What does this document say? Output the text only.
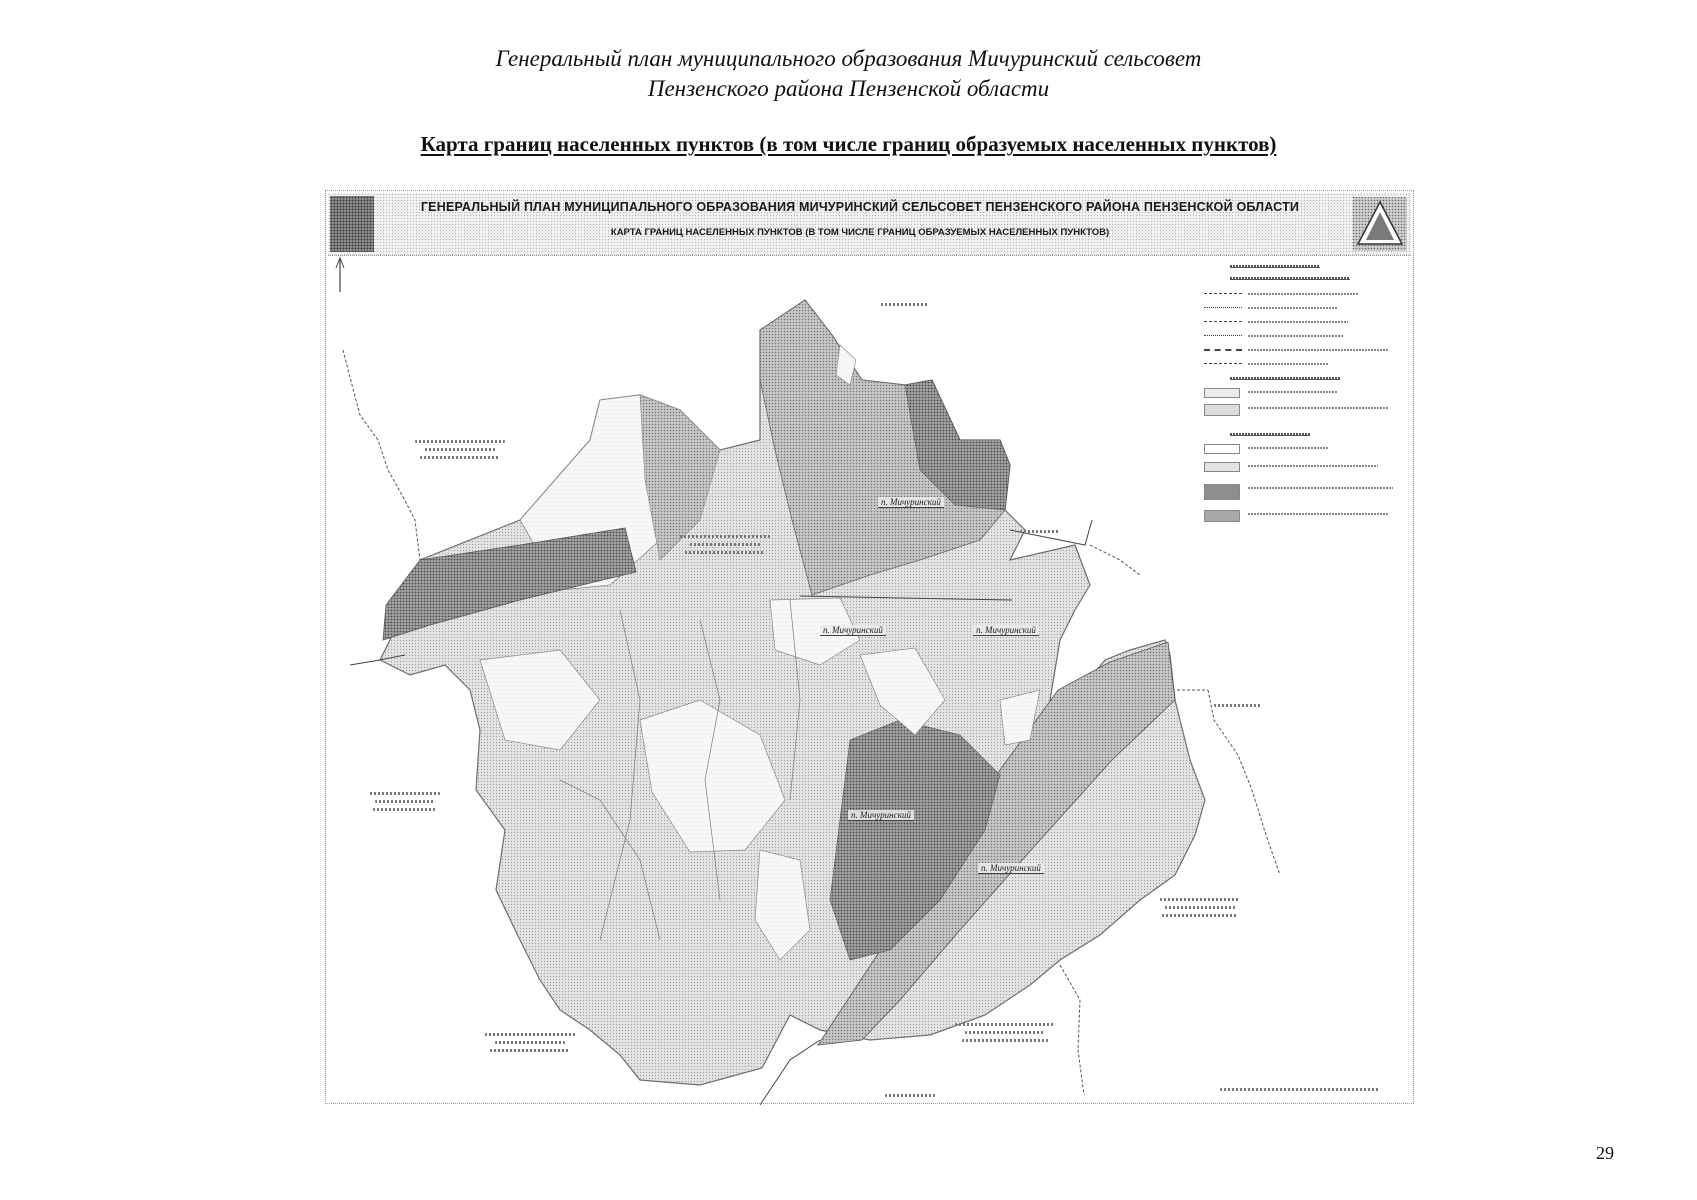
Генеральный план муниципального образования Мичуринский сельсовет
Пензенского района Пензенской области
Карта границ населенных пунктов (в том числе границ образуемых населенных пунктов)
ГЕНЕРАЛЬНЫЙ ПЛАН МУНИЦИПАЛЬНОГО ОБРАЗОВАНИЯ МИЧУРИНСКИЙ СЕЛЬСОВЕТ ПЕНЗЕНСКОГО РАЙОНА ПЕНЗЕНСКОЙ ОБЛАСТИ
КАРТА ГРАНИЦ НАСЕЛЕННЫХ ПУНКТОВ (В ТОМ ЧИСЛЕ ГРАНИЦ ОБРАЗУЕМЫХ НАСЕЛЕННЫХ ПУНКТОВ)
п. Мичуринский
п. Мичуринский	п. Мичуринский
п. Мичуринский
п. Мичуринский
29
